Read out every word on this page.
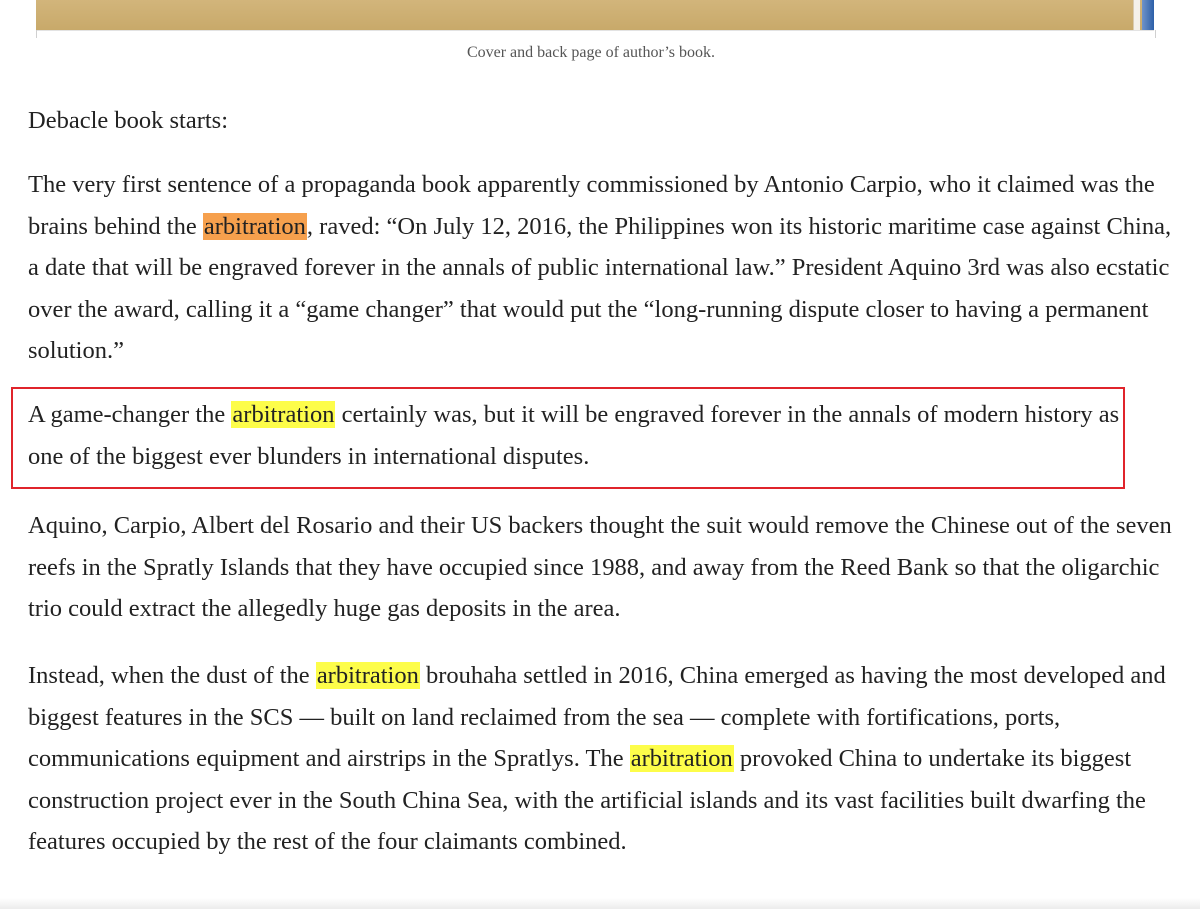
Cover and back page of author’s book.

Debacle book starts:

The very first sentence of a propaganda book apparently commissioned by Antonio Carpio, who it claimed was the brains behind the arbitration, raved: “On July 12, 2016, the Philippines won its historic maritime case against China, a date that will be engraved forever in the annals of public international law.” President Aquino 3rd was also ecstatic over the award, calling it a “game changer” that would put the “long-running dispute closer to having a permanent solution.”

A game-changer the arbitration certainly was, but it will be engraved forever in the annals of modern history as one of the biggest ever blunders in international disputes.

Aquino, Carpio, Albert del Rosario and their US backers thought the suit would remove the Chinese out of the seven reefs in the Spratly Islands that they have occupied since 1988, and away from the Reed Bank so that the oligarchic trio could extract the allegedly huge gas deposits in the area.

Instead, when the dust of the arbitration brouhaha settled in 2016, China emerged as having the most developed and biggest features in the SCS — built on land reclaimed from the sea — complete with fortifications, ports, communications equipment and airstrips in the Spratlys. The arbitration provoked China to undertake its biggest construction project ever in the South China Sea, with the artificial islands and its vast facilities built dwarfing the features occupied by the rest of the four claimants combined.
